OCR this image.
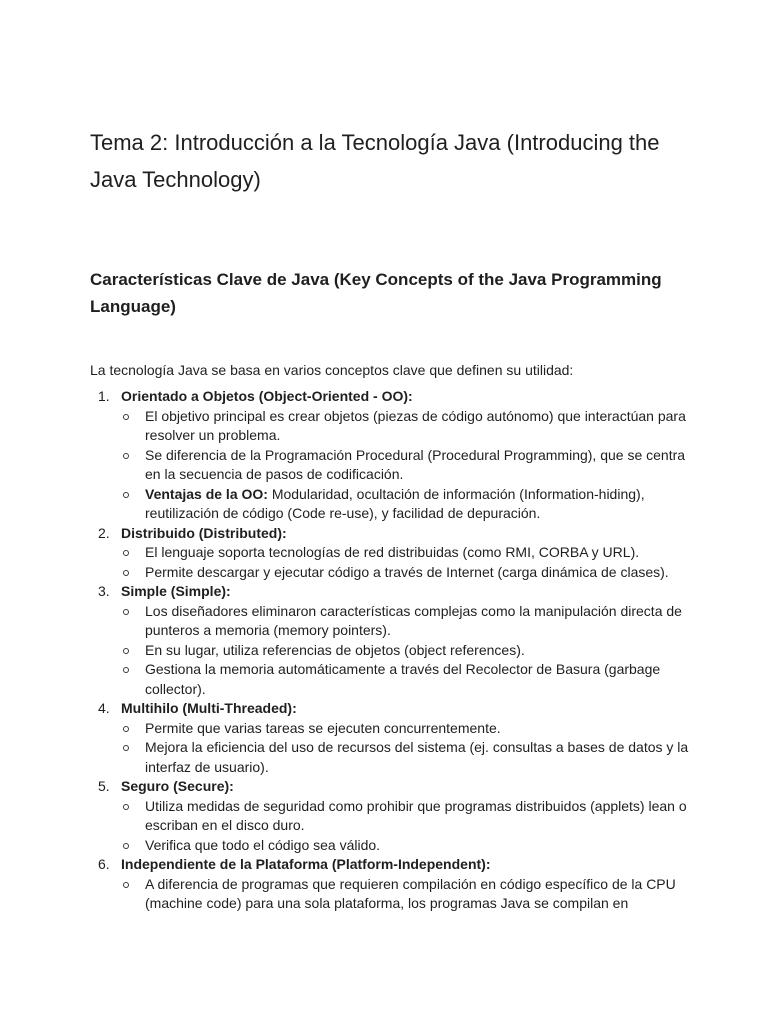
Tema 2: Introducción a la Tecnología Java (Introducing the Java Technology)
Características Clave de Java (Key Concepts of the Java Programming Language)

La tecnología Java se basa en varios conceptos clave que definen su utilidad:

1. Orientado a Objetos (Object-Oriented - OO):
El objetivo principal es crear objetos (piezas de código autónomo) que interactúan para resolver un problema.
Se diferencia de la Programación Procedural (Procedural Programming), que se centra en la secuencia de pasos de codificación.
Ventajas de la OO: Modularidad, ocultación de información (Information-hiding), reutilización de código (Code re-use), y facilidad de depuración.
2. Distribuido (Distributed):
El lenguaje soporta tecnologías de red distribuidas (como RMI, CORBA y URL).
Permite descargar y ejecutar código a través de Internet (carga dinámica de clases).
3. Simple (Simple):
Los diseñadores eliminaron características complejas como la manipulación directa de punteros a memoria (memory pointers).
En su lugar, utiliza referencias de objetos (object references).
Gestiona la memoria automáticamente a través del Recolector de Basura (garbage collector).
4. Multihilo (Multi-Threaded):
Permite que varias tareas se ejecuten concurrentemente.
Mejora la eficiencia del uso de recursos del sistema (ej. consultas a bases de datos y la interfaz de usuario).
5. Seguro (Secure):
Utiliza medidas de seguridad como prohibir que programas distribuidos (applets) lean o escriban en el disco duro.
Verifica que todo el código sea válido.
6. Independiente de la Plataforma (Platform-Independent):
A diferencia de programas que requieren compilación en código específico de la CPU (machine code) para una sola plataforma, los programas Java se compilan en
